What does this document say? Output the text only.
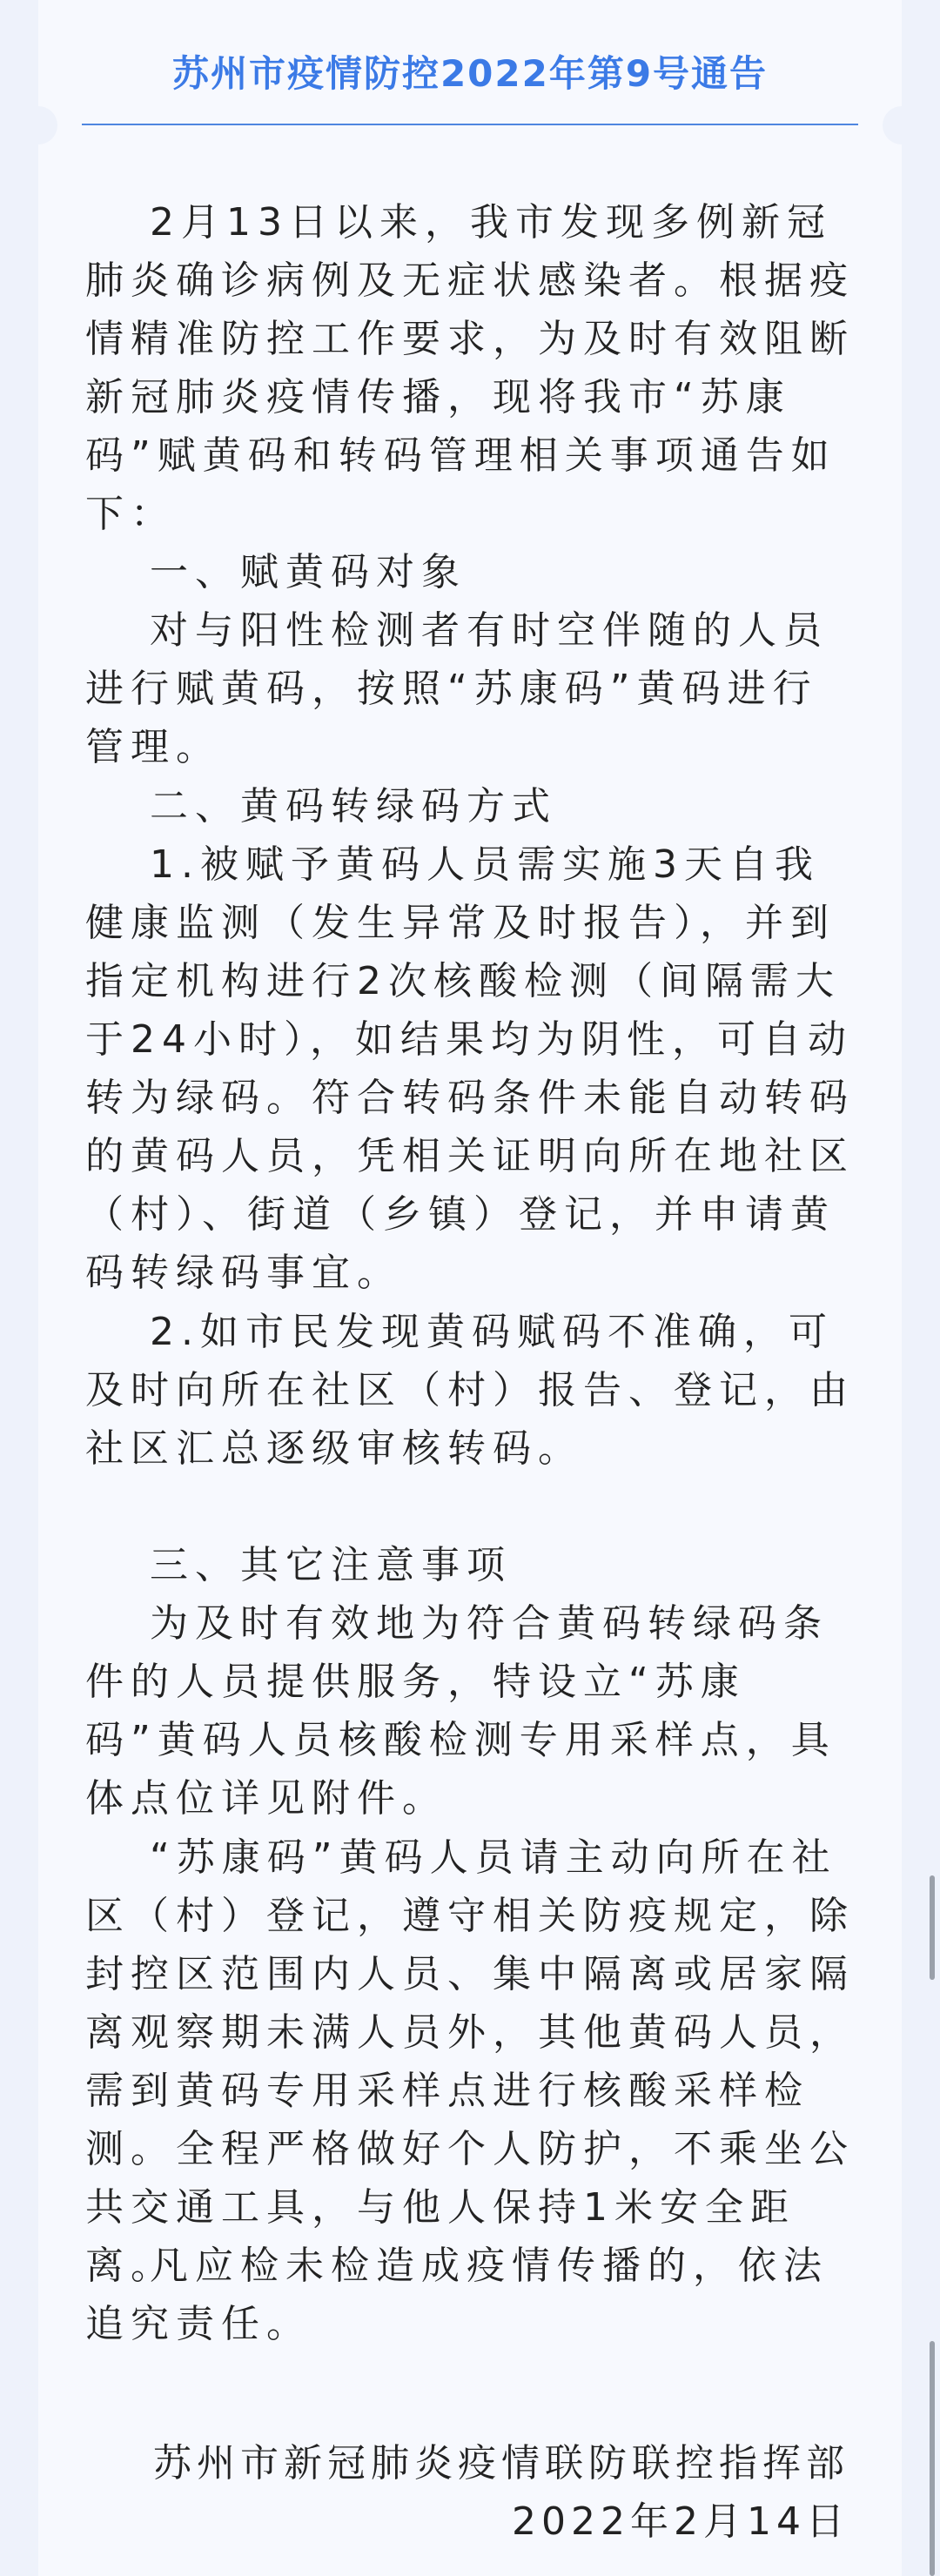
苏州市疫情防控2022年第9号通告

2月13日以来，我市发现多例新冠肺炎确诊病例及无症状感染者。根据疫情精准防控工作要求，为及时有效阻断新冠肺炎疫情传播，现将我市“苏康码”赋黄码和转码管理相关事项通告如下：

一、赋黄码对象

对与阳性检测者有时空伴随的人员进行赋黄码，按照“苏康码”黄码进行管理。

二、黄码转绿码方式

1.被赋予黄码人员需实施3天自我健康监测（发生异常及时报告），并到指定机构进行2次核酸检测（间隔需大于24小时），如结果均为阴性，可自动转为绿码。符合转码条件未能自动转码的黄码人员，凭相关证明向所在地社区（村）、街道（乡镇）登记，并申请黄码转绿码事宜。

2.如市民发现黄码赋码不准确，可及时向所在社区（村）报告、登记，由社区汇总逐级审核转码。

三、其它注意事项

为及时有效地为符合黄码转绿码条件的人员提供服务，特设立“苏康码”黄码人员核酸检测专用采样点，具体点位详见附件。

“苏康码”黄码人员请主动向所在社区（村）登记，遵守相关防疫规定，除封控区范围内人员、集中隔离或居家隔离观察期未满人员外，其他黄码人员，需到黄码专用采样点进行核酸采样检测。全程严格做好个人防护，不乘坐公共交通工具，与他人保持1米安全距离。

凡应检未检造成疫情传播的，依法追究责任。

苏州市新冠肺炎疫情联防联控指挥部
2022年2月14日
